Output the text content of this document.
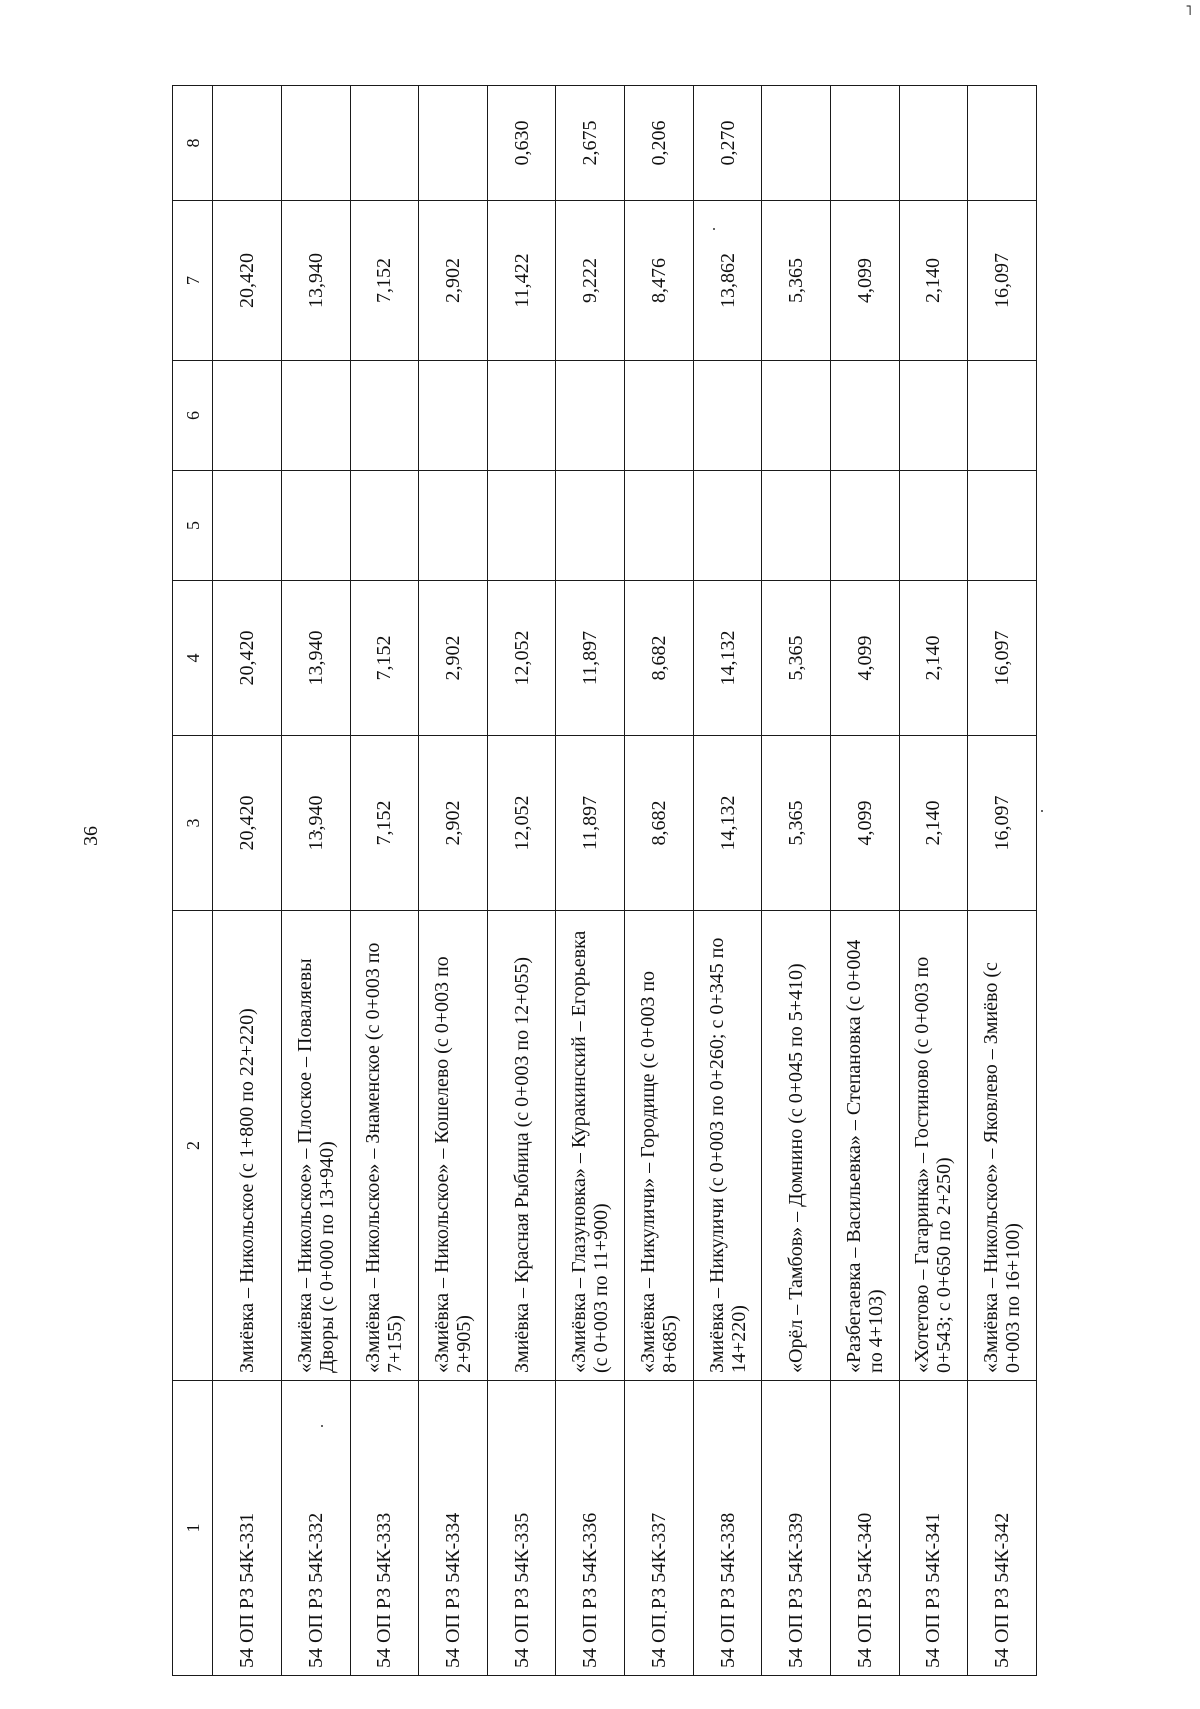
36
˥
1	2	3	4	5	6	7	8
54 ОП РЗ 54К-331	Змиёвка – Никольское (с 1+800 по 22+220)	20,420	20,420			20,420	
54 ОП РЗ 54К-332	«Змиёвка – Никольское» – Плоское – Поваляевы Дворы (с 0+000 по 13+940)	13,940	13,940			13,940	
54 ОП РЗ 54К-333	«Змиёвка – Никольское» – Знаменское (с 0+003 по 7+155)	7,152	7,152			7,152	
54 ОП РЗ 54К-334	«Змиёвка – Никольское» – Кошелево (с 0+003 по 2+905)	2,902	2,902			2,902	
54 ОП РЗ 54К-335	Змиёвка – Красная Рыбница (с 0+003 по 12+055)	12,052	12,052			11,422	0,630
54 ОП РЗ 54К-336	«Змиёвка – Глазуновка» – Куракинский – Егорьевка (с 0+003 по 11+900)	11,897	11,897			9,222	2,675
54 ОП РЗ 54К-337	«Змиёвка – Никуличи» – Городище (с 0+003 по 8+685)	8,682	8,682			8,476	0,206
54 ОП РЗ 54К-338	Змиёвка – Никуличи (с 0+003 по 0+260; с 0+345 по 14+220)	14,132	14,132			13,862	0,270
54 ОП РЗ 54К-339	«Орёл – Тамбов» – Домнино (с 0+045 по 5+410)	5,365	5,365			5,365	
54 ОП РЗ 54К-340	«Разбегаевка – Васильевка» – Степановка (с 0+004 по 4+103)	4,099	4,099			4,099	
54 ОП РЗ 54К-341	«Хотетово – Гагаринка» – Гостиново (с 0+003 по 0+543; с 0+650 по 2+250)	2,140	2,140			2,140	
54 ОП РЗ 54К-342	«Змиёвка – Никольское» – Яковлево – Змиёво (с 0+003 по 16+100)	16,097	16,097			16,097	
